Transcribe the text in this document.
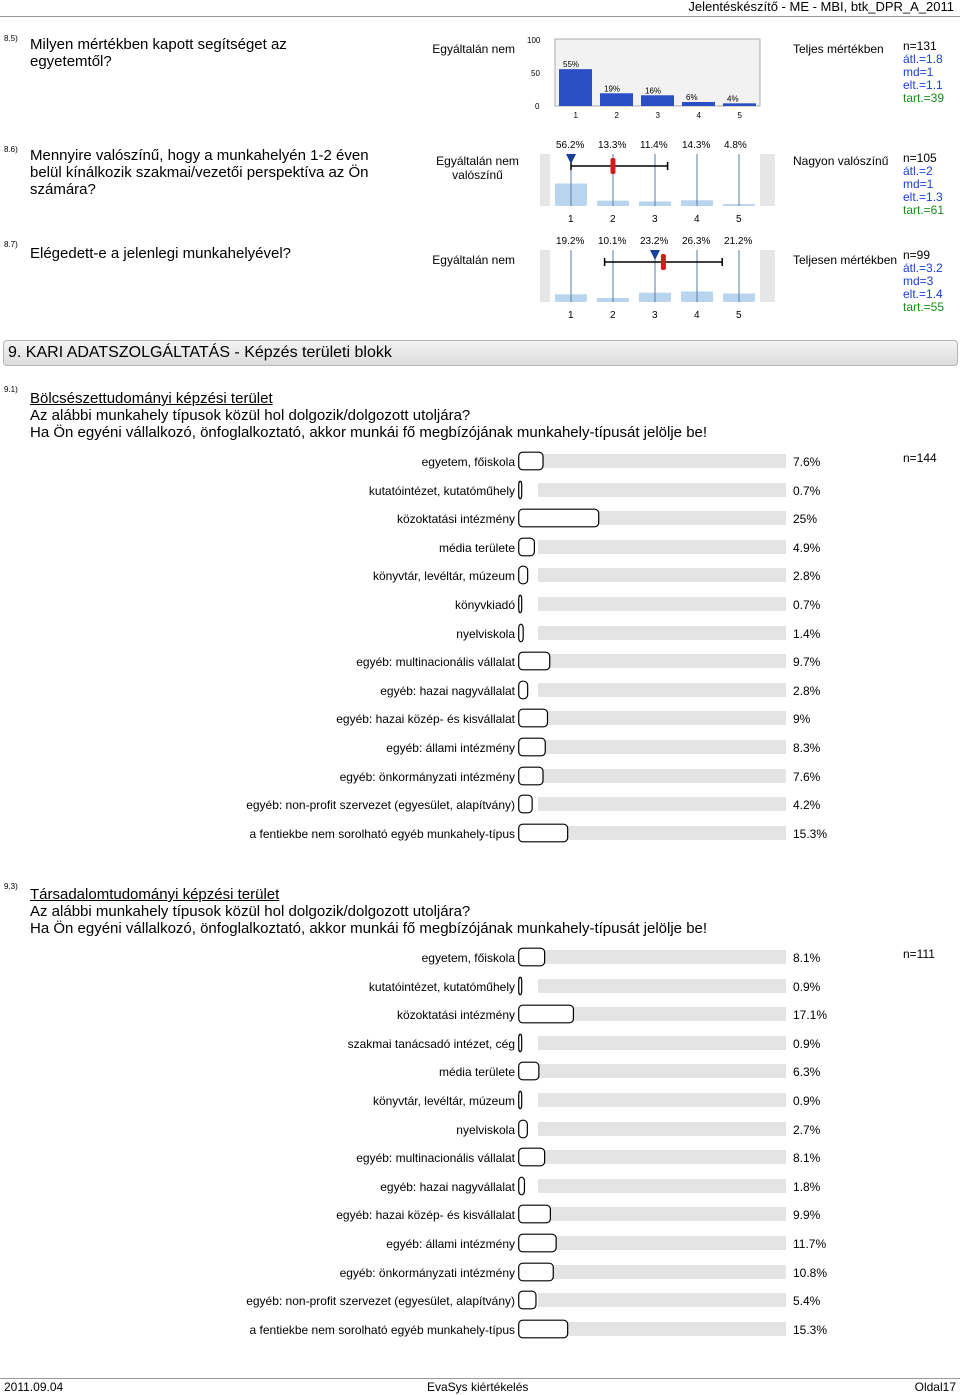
Jelentéskészítő - ME - MBI, btk_DPR_A_2011
8.5) Milyen mértékben kapott segítséget az egyetemtől?
Egyáltalán nem
100
50
0
55%
1
19%
2
16%
3
6%
4
4%
5
Teljes mértékben n=131
átl.=1.8
md=1
elt.=1.1
tart.=39
8.6) Mennyire valószínű, hogy a munkahelyén 1-2 éven belül kínálkozik szakmai/vezetői perspektíva az Ön számára?
Egyáltalán nem valószínű
56.2%
1
13.3%
2
11.4%
3
14.3%
4
4.8%
5
Nagyon valószínű n=105
átl.=2
md=1
elt.=1.3
tart.=61
8.7)
Elégedett-e a jelenlegi munkahelyével?	Egyáltalán nem
19.2%
1
10.1%
2
23.2%
3
26.3%
4
21.2%
5
Teljesen mértékben n=99
átl.=3.2
md=3
elt.=1.4
tart.=55
9. KARI ADATSZOLGÁLTATÁS - Képzés területi blokk
9.1)
Bölcsészettudományi képzési terület
Az alábbi munkahely típusok közül hol dolgozik/dolgozott utoljára?
Ha Ön egyéni vállalkozó, önfoglalkoztató, akkor munkái fő megbízójának munkahely-típusát jelölje be!
n=144
egyetem, főiskola	7.6%
kutatóintézet, kutatóműhely	0.7%
közoktatási intézmény	25%
média területe	4.9%
könyvtár, levéltár, múzeum	2.8%
könyvkiadó	0.7%
nyelviskola	1.4%
egyéb: multinacionális vállalat	9.7%
egyéb: hazai nagyvállalat	2.8%
egyéb: hazai közép- és kisvállalat	9%
egyéb: állami intézmény	8.3%
egyéb: önkormányzati intézmény	7.6%
egyéb: non-profit szervezet (egyesület, alapítvány)	4.2%
a fentiekbe nem sorolható egyéb munkahely-típus	15.3%
9.3) Társadalomtudományi képzési terület
Az alábbi munkahely típusok közül hol dolgozik/dolgozott utoljára?
Ha Ön egyéni vállalkozó, önfoglalkoztató, akkor munkái fő megbízójának munkahely-típusát jelölje be!
n=111
egyetem, főiskola	8.1%
kutatóintézet, kutatóműhely	0.9%
közoktatási intézmény	17.1%
szakmai tanácsadó intézet, cég	0.9%
média területe	6.3%
könyvtár, levéltár, múzeum	0.9%
nyelviskola	2.7%
egyéb: multinacionális vállalat	8.1%
egyéb: hazai nagyvállalat	1.8%
egyéb: hazai közép- és kisvállalat	9.9%
egyéb: állami intézmény	11.7%
egyéb: önkormányzati intézmény	10.8%
egyéb: non-profit szervezet (egyesület, alapítvány)	5.4%
a fentiekbe nem sorolható egyéb munkahely-típus	15.3%
2011.09.04	EvaSys kiértékelés	Oldal17
